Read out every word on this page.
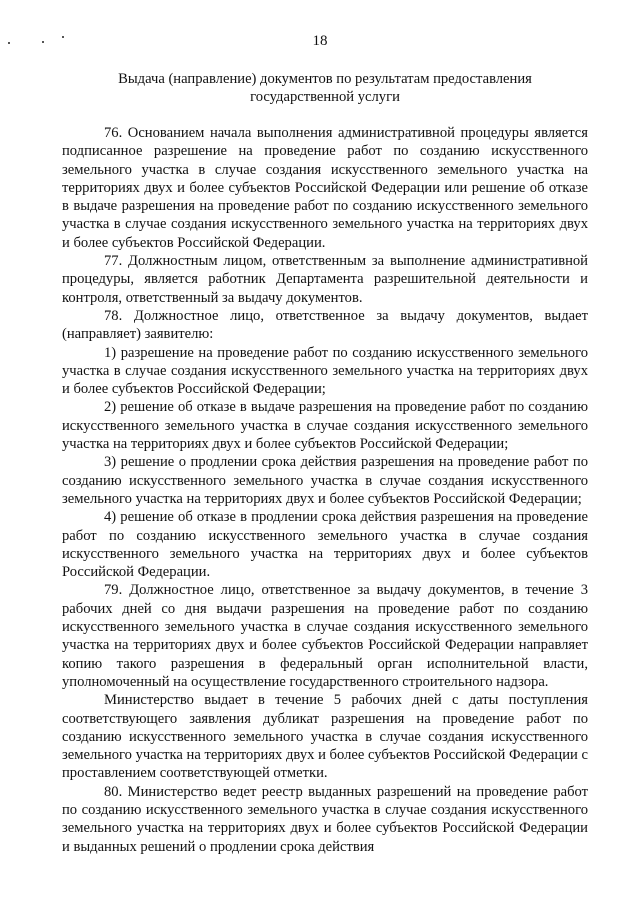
18
Выдача (направление) документов по результатам предоставления
государственной услуги

76. Основанием начала выполнения административной процедуры является подписанное разрешение на проведение работ по созданию искусственного земельного участка в случае создания искусственного земельного участка на территориях двух и более субъектов Российской Федерации или решение об отказе в выдаче разрешения на проведение работ по созданию искусственного земельного участка в случае создания искусственного земельного участка на территориях двух и более субъектов Российской Федерации.

77. Должностным лицом, ответственным за выполнение административной процедуры, является работник Департамента разрешительной деятельности и контроля, ответственный за выдачу документов.

78. Должностное лицо, ответственное за выдачу документов, выдает (направляет) заявителю:

1) разрешение на проведение работ по созданию искусственного земельного участка в случае создания искусственного земельного участка на территориях двух и более субъектов Российской Федерации;

2) решение об отказе в выдаче разрешения на проведение работ по созданию искусственного земельного участка в случае создания искусственного земельного участка на территориях двух и более субъектов Российской Федерации;

3) решение о продлении срока действия разрешения на проведение работ по созданию искусственного земельного участка в случае создания искусственного земельного участка на территориях двух и более субъектов Российской Федерации;

4) решение об отказе в продлении срока действия разрешения на проведение работ по созданию искусственного земельного участка в случае создания искусственного земельного участка на территориях двух и более субъектов Российской Федерации.

79. Должностное лицо, ответственное за выдачу документов, в течение 3 рабочих дней со дня выдачи разрешения на проведение работ по созданию искусственного земельного участка в случае создания искусственного земельного участка на территориях двух и более субъектов Российской Федерации направляет копию такого разрешения в федеральный орган исполнительной власти, уполномоченный на осуществление государственного строительного надзора.

Министерство выдает в течение 5 рабочих дней с даты поступления соответствующего заявления дубликат разрешения на проведение работ по созданию искусственного земельного участка в случае создания искусственного земельного участка на территориях двух и более субъектов Российской Федерации с проставлением соответствующей отметки.

80. Министерство ведет реестр выданных разрешений на проведение работ по созданию искусственного земельного участка в случае создания искусственного земельного участка на территориях двух и более субъектов Российской Федерации и выданных решений о продлении срока действия
